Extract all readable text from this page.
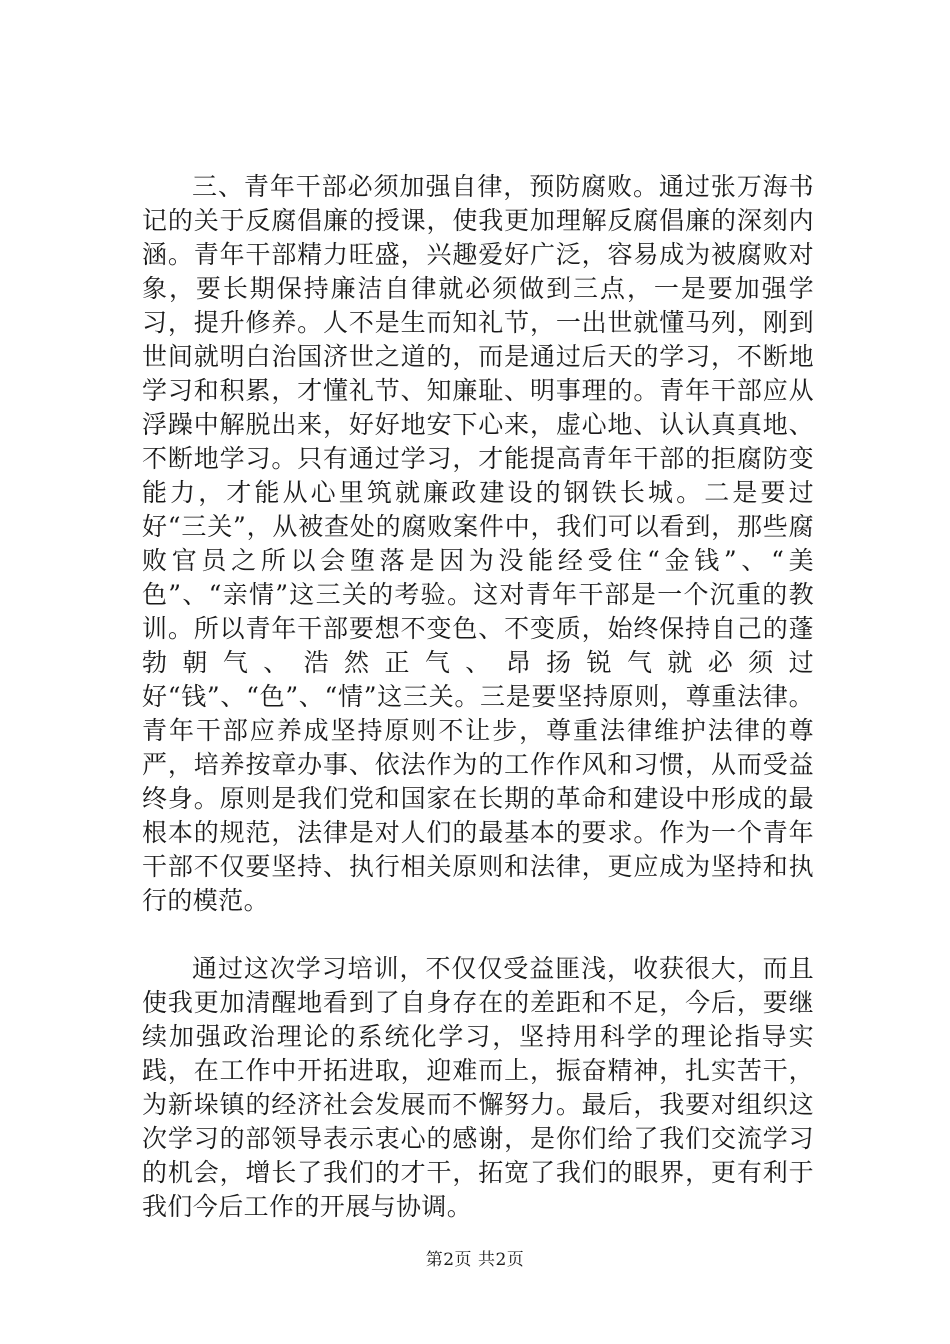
三、青年干部必须加强自律，预防腐败。通过张万海书记的关于反腐倡廉的授课，使我更加理解反腐倡廉的深刻内涵。青年干部精力旺盛，兴趣爱好广泛，容易成为被腐败对象，要长期保持廉洁自律就必须做到三点，一是要加强学习，提升修养。人不是生而知礼节，一出世就懂马列，刚到世间就明白治国济世之道的，而是通过后天的学习，不断地学习和积累，才懂礼节、知廉耻、明事理的。青年干部应从浮躁中解脱出来，好好地安下心来，虚心地、认认真真地、不断地学习。只有通过学习，才能提高青年干部的拒腐防变能力，才能从心里筑就廉政建设的钢铁长城。二是要过好“三关”，从被查处的腐败案件中，我们可以看到，那些腐败官员之所以会堕落是因为没能经受住“金钱”、“美色”、“亲情”这三关的考验。这对青年干部是一个沉重的教训。所以青年干部要想不变色、不变质，始终保持自己的蓬勃朝气、浩然正气、昂扬锐气就必须过好“钱”、“色”、“情”这三关。三是要坚持原则，尊重法律。青年干部应养成坚持原则不让步，尊重法律维护法律的尊严，培养按章办事、依法作为的工作作风和习惯，从而受益终身。原则是我们党和国家在长期的革命和建设中形成的最根本的规范，法律是对人们的最基本的要求。作为一个青年干部不仅要坚持、执行相关原则和法律，更应成为坚持和执行的模范。

通过这次学习培训，不仅仅受益匪浅，收获很大，而且使我更加清醒地看到了自身存在的差距和不足，今后，要继续加强政治理论的系统化学习，坚持用科学的理论指导实践，在工作中开拓进取，迎难而上，振奋精神，扎实苦干，为新垛镇的经济社会发展而不懈努力。最后，我要对组织这次学习的部领导表示衷心的感谢，是你们给了我们交流学习的机会，增长了我们的才干，拓宽了我们的眼界，更有利于我们今后工作的开展与协调。

第2页 共2页
